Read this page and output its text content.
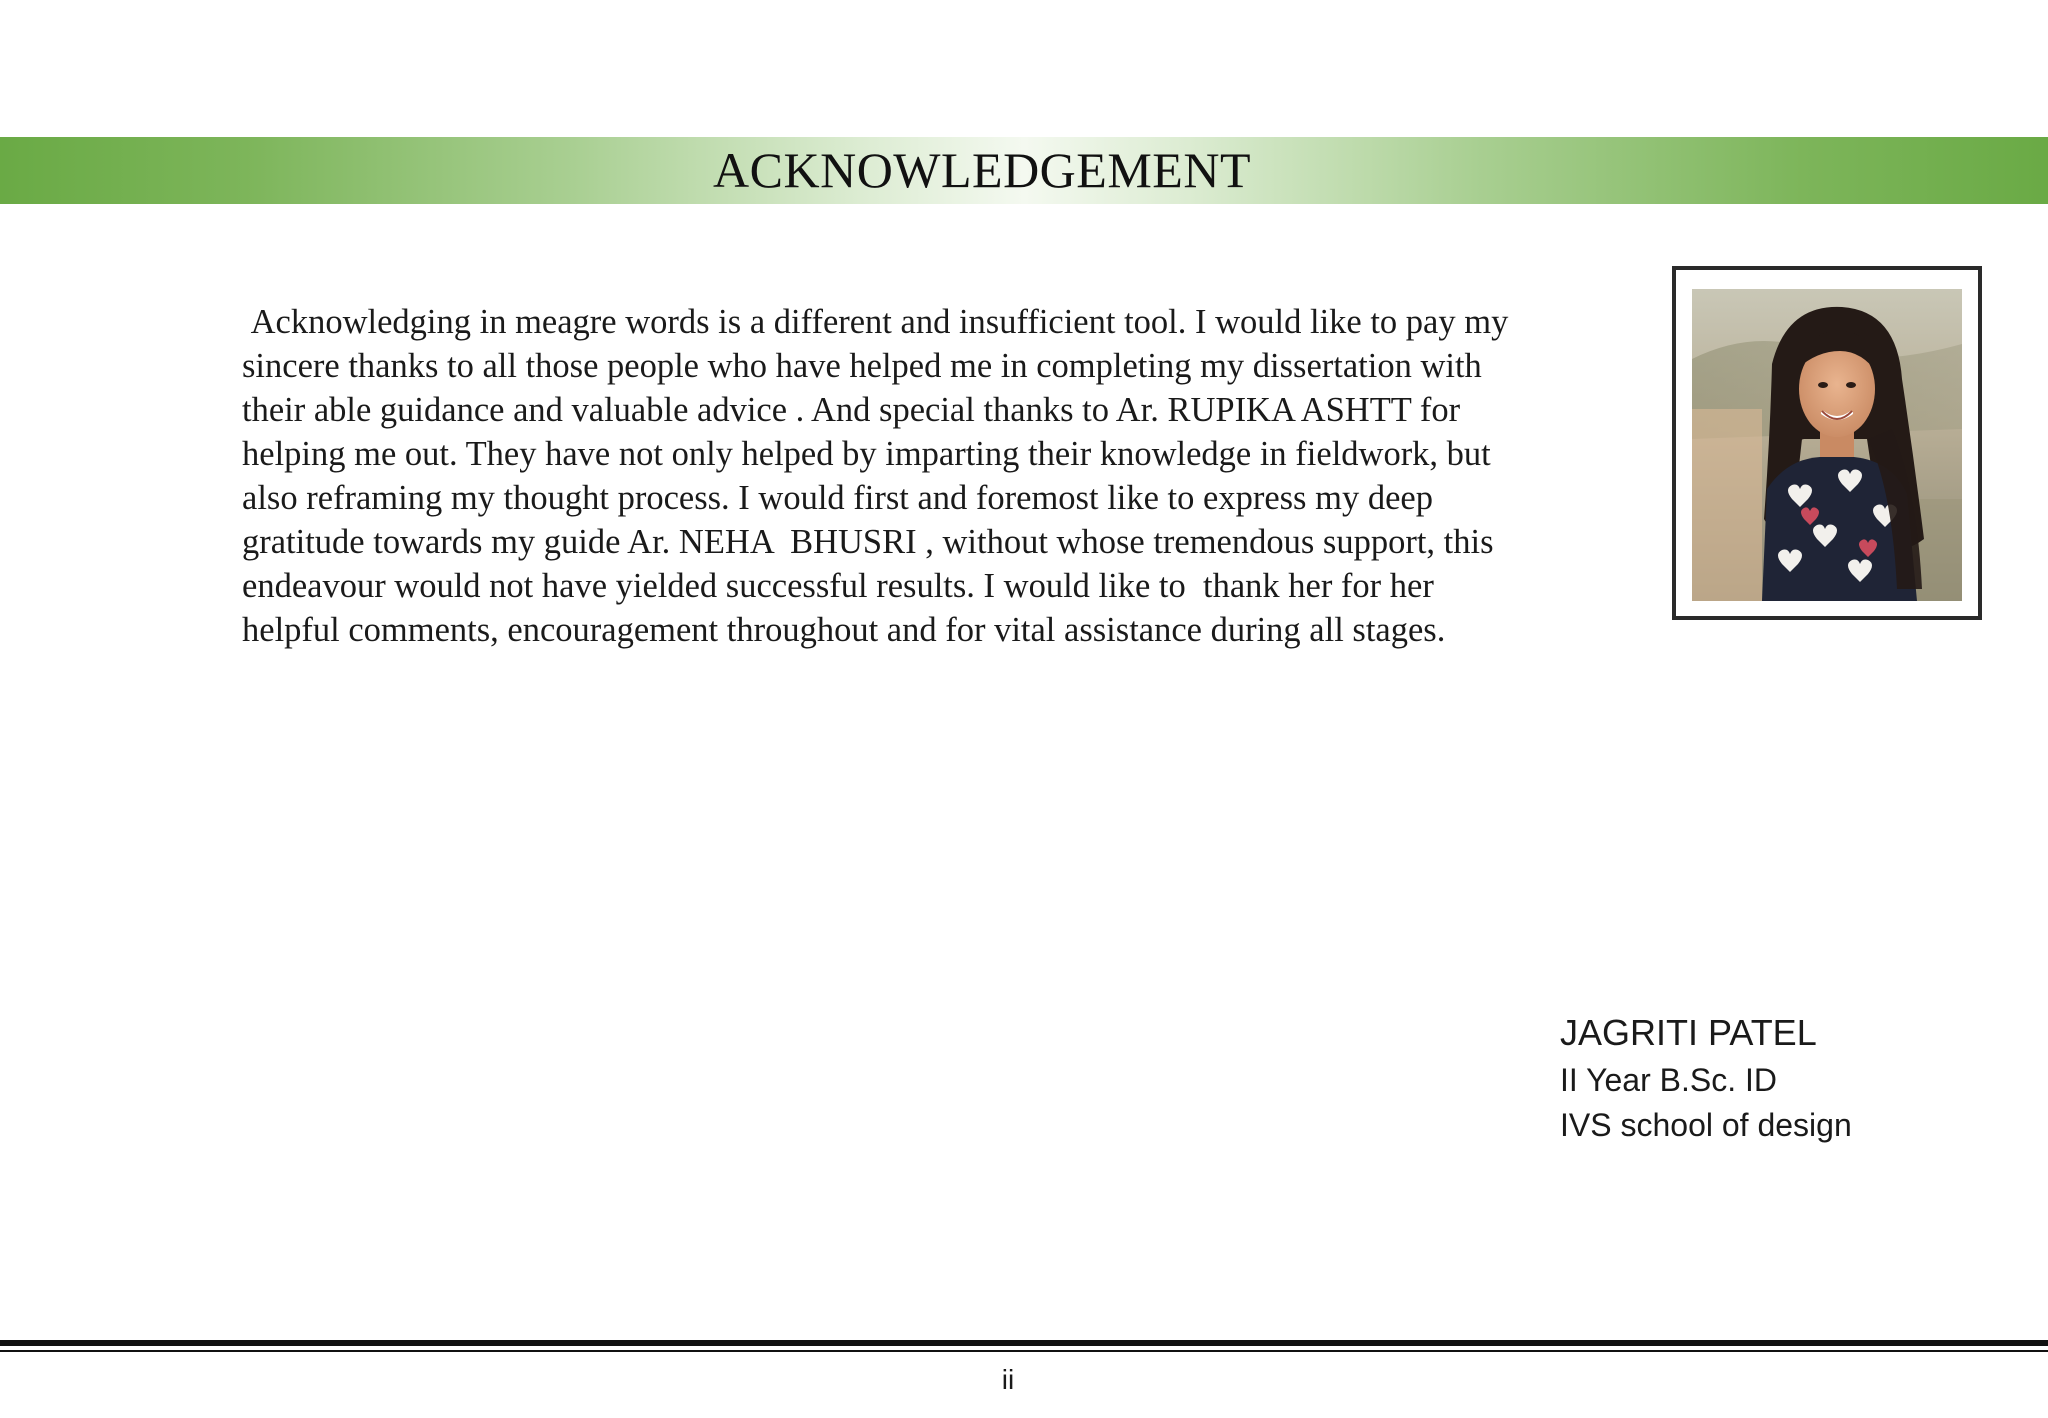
ACKNOWLEDGEMENT
Acknowledging in meagre words is a different and insufficient tool. I would like to pay my
sincere thanks to all those people who have helped me in completing my dissertation with
their able guidance and valuable advice . And special thanks to Ar. RUPIKA ASHTT for
helping me out. They have not only helped by imparting their knowledge in fieldwork, but
also reframing my thought process. I would first and foremost like to express my deep
gratitude towards my guide Ar. NEHA  BHUSRI , without whose tremendous support, this
endeavour would not have yielded successful results. I would like to  thank her for her
helpful comments, encouragement throughout and for vital assistance during all stages.
JAGRITI PATEL
II Year B.Sc. ID
IVS school of design
ii
